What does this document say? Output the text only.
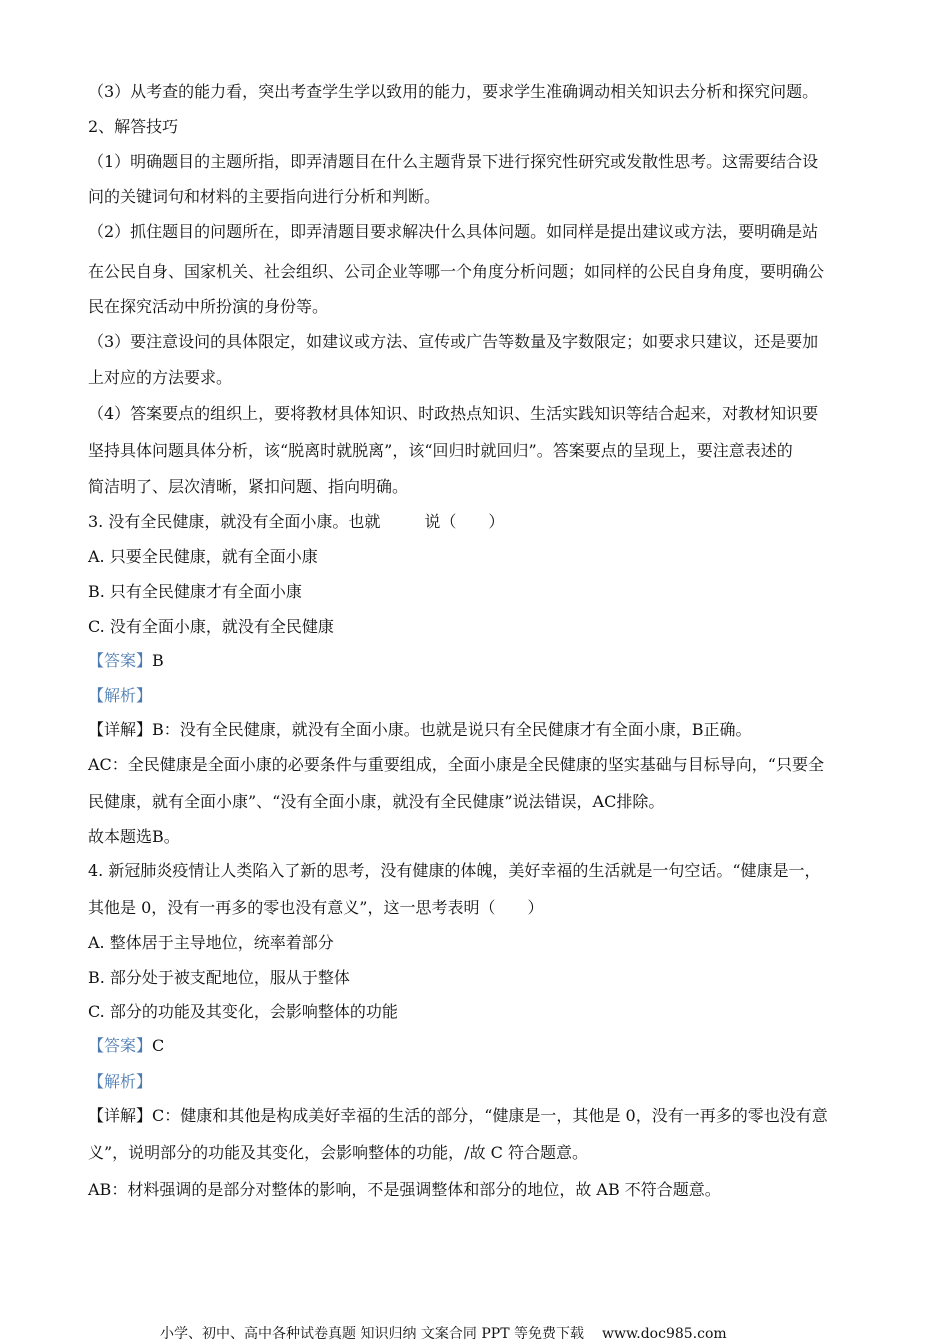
（3）从考查的能力看，突出考查学生学以致用的能力，要求学生准确调动相关知识去分析和探究问题。
2、解答技巧
（1）明确题目的主题所指，即弄清题目在什么主题背景下进行探究性研究或发散性思考。这需要结合设
问的关键词句和材料的主要指向进行分析和判断。
（2）抓住题目的问题所在，即弄清题目要求解决什么具体问题。如同样是提出建议或方法，要明确是站
在公民自身、国家机关、社会组织、公司企业等哪一个角度分析问题；如同样的公民自身角度，要明确公
民在探究活动中所扮演的身份等。
（3）要注意设问的具体限定，如建议或方法、宣传或广告等数量及字数限定；如要求只建议，还是要加
上对应的方法要求。
（4）答案要点的组织上，要将教材具体知识、时政热点知识、生活实践知识等结合起来，对教材知识要
坚持具体问题具体分析，该“脱离时就脱离”，该“回归时就回归”。答案要点的呈现上，要注意表述的
简洁明了、层次清晰，紧扣问题、指向明确。
3. 没有全民健康，就没有全面小康。也就	说（　　）
A. 只要全民健康，就有全面小康
B. 只有全民健康才有全面小康
C. 没有全面小康，就没有全民健康
【答案】B
【解析】
【详解】B：没有全民健康，就没有全面小康。也就是说只有全民健康才有全面小康，B正确。
AC：全民健康是全面小康的必要条件与重要组成，全面小康是全民健康的坚实基础与目标导向，“只要全
民健康，就有全面小康”、“没有全面小康，就没有全民健康”说法错误，AC排除。
故本题选B。
4. 新冠肺炎疫情让人类陷入了新的思考，没有健康的体魄，美好幸福的生活就是一句空话。“健康是一，
其他是 0，没有一再多的零也没有意义”，这一思考表明（　　）
A. 整体居于主导地位，统率着部分
B. 部分处于被支配地位，服从于整体
C. 部分的功能及其变化，会影响整体的功能
【答案】C
【解析】
【详解】C：健康和其他是构成美好幸福的生活的部分，“健康是一，其他是 0，没有一再多的零也没有意
义”，说明部分的功能及其变化，会影响整体的功能，/故 C 符合题意。
AB：材料强调的是部分对整体的影响，不是强调整体和部分的地位，故 AB 不符合题意。
小学、初中、高中各种试卷真题 知识归纳 文案合同 PPT 等免费下载 www.doc985.com
